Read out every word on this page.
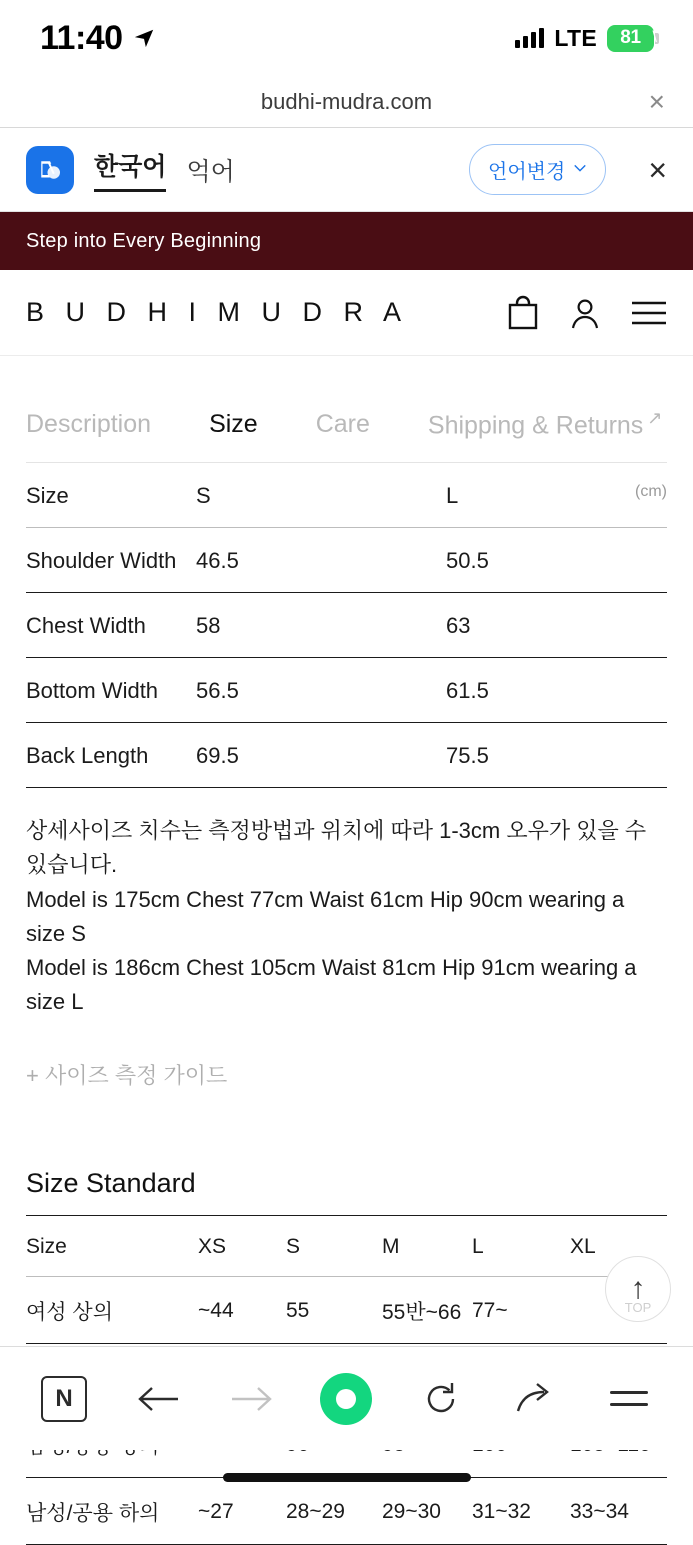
11:40	LTE 81 \
budhi-mudra.com	×
한국어 억어	언어변경	×
Step into Every Beginning
B U D H I M U D R A
Description Size Care Shipping & Returns ↗
Size	S	L (cm)

Shoulder Width	46.5	50.5
Chest Width	58	63
Bottom Width	56.5	61.5
Back Length	69.5	75.5
상세사이즈 치수는 측정방법과 위치에 따라 1-3cm 오우가 있을 수
있습니다.
Model is 175cm Chest 77cm Waist 61cm Hip 90cm wearing a size S
Model is 186cm Chest 105cm Waist 81cm Hip 91cm wearing a size L
+ 사이즈 측정 가이드
Size Standard
Size	XS	S	M	L	XL
여성 상의	~44	55	55반~66	77~	

남성/공용 하의	~27	28~29	29~30	31~32	33~34
↑
TOP
N
